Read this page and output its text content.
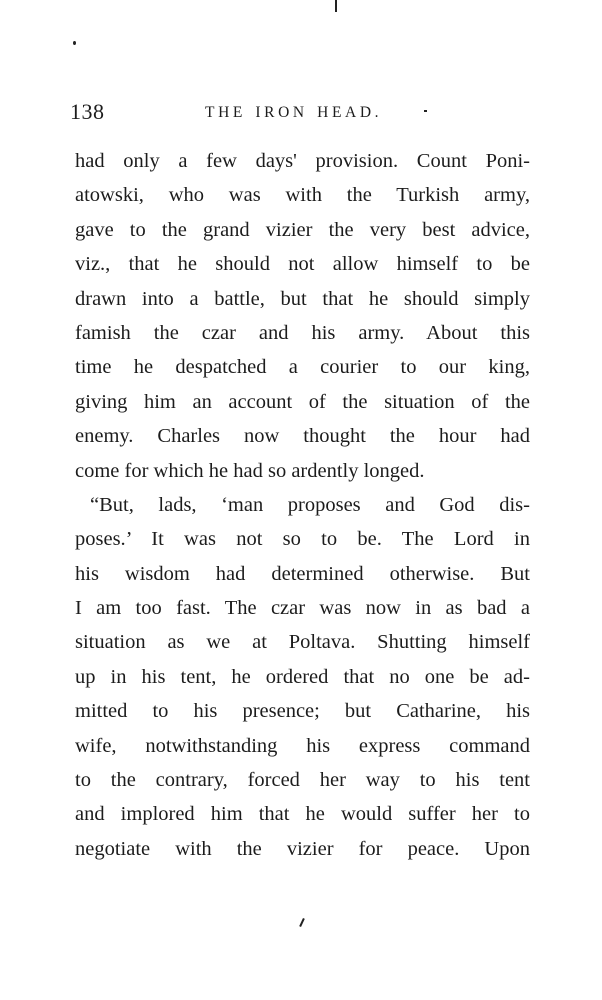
138	THE IRON HEAD.
had only a few days' provision. Count Poni-
atowski, who was with the Turkish army,
gave to the grand vizier the very best advice,
viz., that he should not allow himself to be
drawn into a battle, but that he should simply
famish the czar and his army. About this
time he despatched a courier to our king,
giving him an account of the situation of the
enemy. Charles now thought the hour had
come for which he had so ardently longed.
“But, lads, ‘man proposes and God dis-
poses.’ It was not so to be. The Lord in
his wisdom had determined otherwise. But
I am too fast. The czar was now in as bad a
situation as we at Poltava. Shutting himself
up in his tent, he ordered that no one be ad-
mitted to his presence; but Catharine, his
wife, notwithstanding his express command
to the contrary, forced her way to his tent
and implored him that he would suffer her to
negotiate with the vizier for peace. Upon
